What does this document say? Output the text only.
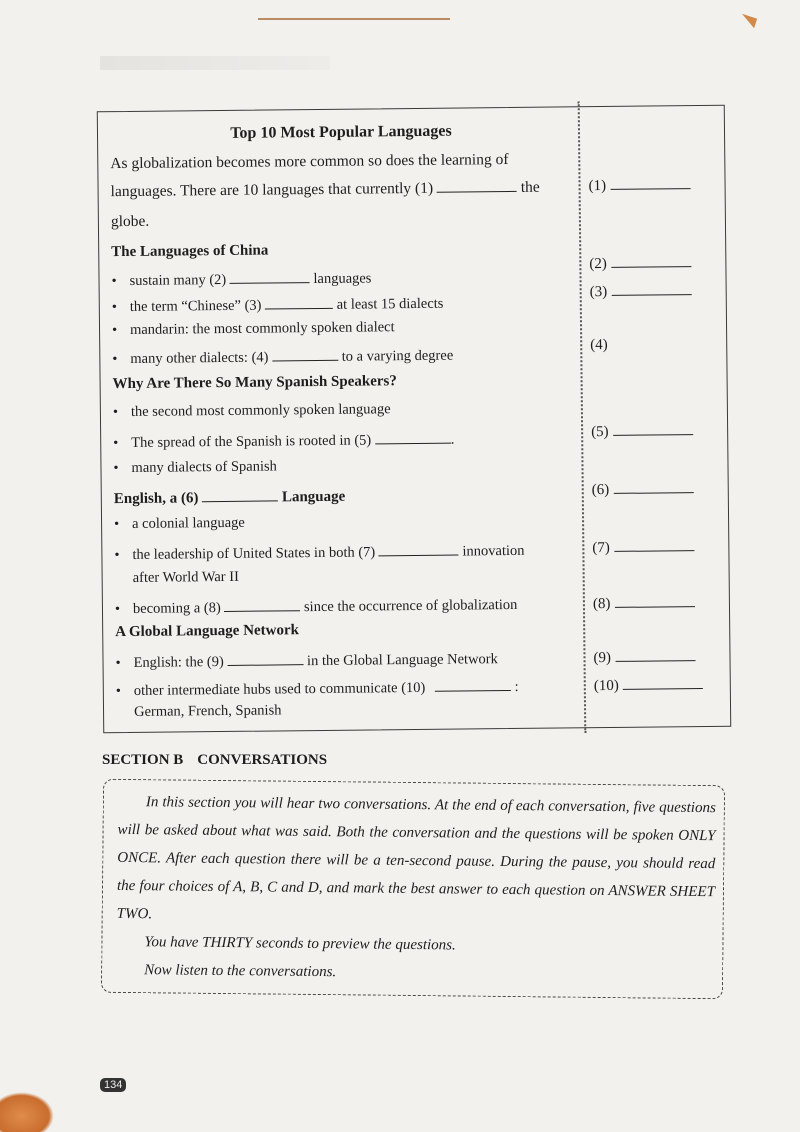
Top 10 Most Popular Languages
As globalization becomes more common so does the learning of
languages. There are 10 languages that currently (1)	the
globe.
The Languages of China
• sustain many (2)	languages
• the term “Chinese” (3)	at least 15 dialects
• mandarin: the most commonly spoken dialect
• many other dialects: (4)	to a varying degree
Why Are There So Many Spanish Speakers?
• the second most commonly spoken language
• The spread of the Spanish is rooted in (5)	.
• many dialects of Spanish
English, a (6)	Language
• a colonial language
• the leadership of United States in both (7)	innovation
after World War II
• becoming a (8)	since the occurrence of globalization
A Global Language Network
• English: the (9)	in the Global Language Network
• other intermediate hubs used to communicate (10)	:
German, French, Spanish
(1)
(2)
(3)
(4)
(5)
(6)
(7)
(8)
(9)
(10)
SECTION B CONVERSATIONS

In this section you will hear two conversations. At the end of each conversation, five questions will be asked about what was said. Both the conversation and the questions will be spoken ONLY ONCE. After each question there will be a ten-second pause. During the pause, you should read the four choices of A, B, C and D, and mark the best answer to each question on ANSWER SHEET TWO.

You have THIRTY seconds to preview the questions.

Now listen to the conversations.

134
